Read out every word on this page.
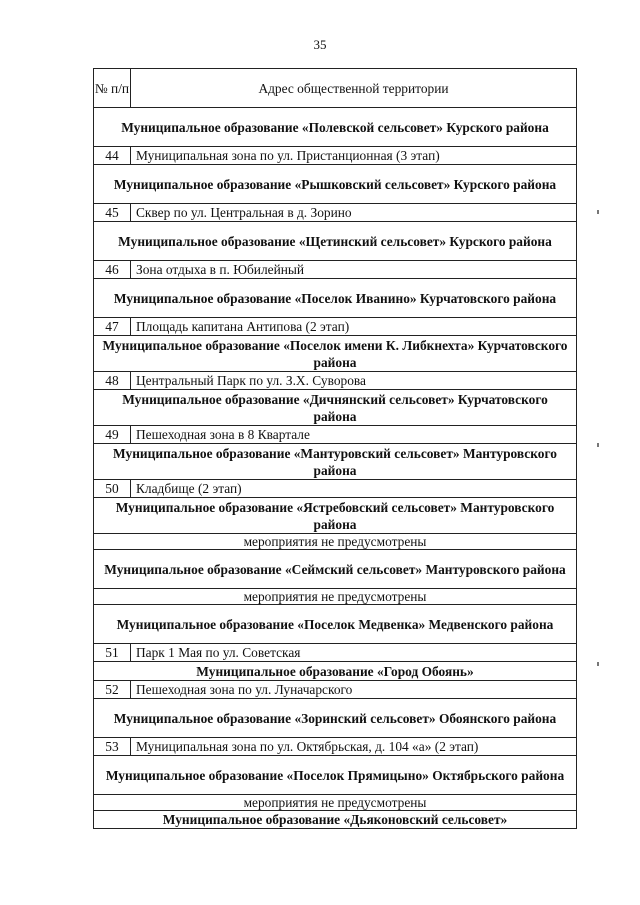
35
№ п/п	Адрес общественной территории
Муниципальное образование «Полевской сельсовет» Курского района	
44	Муниципальная зона по ул. Пристанционная (3 этап)
Муниципальное образование «Рышковский сельсовет» Курского района	
45	Сквер по ул. Центральная в д. Зорино
Муниципальное образование «Щетинский сельсовет» Курского района	
46	Зона отдыха в п. Юбилейный
Муниципальное образование «Поселок Иванино» Курчатовского района	
47	Площадь капитана Антипова (2 этап)
Муниципальное образование «Поселок имени К. Либкнехта» Курчатовского района	
48	Центральный Парк по ул. З.Х. Суворова
Муниципальное образование «Дичнянский сельсовет» Курчатовского района	
49	Пешеходная зона в 8 Квартале
Муниципальное образование «Мантуровский сельсовет» Мантуровского района	
50	Кладбище (2 этап)
Муниципальное образование «Ястребовский сельсовет» Мантуровского района	
мероприятия не предусмотрены	
Муниципальное образование «Сеймский сельсовет» Мантуровского района	
мероприятия не предусмотрены	
Муниципальное образование «Поселок Медвенка» Медвенского района	
51	Парк 1 Мая по ул. Советская
Муниципальное образование «Город Обоянь»	
52	Пешеходная зона по ул. Луначарского
Муниципальное образование «Зоринский сельсовет» Обоянского района	
53	Муниципальная зона по ул. Октябрьская, д. 104 «а» (2 этап)
Муниципальное образование «Поселок Прямицыно» Октябрьского района	
мероприятия не предусмотрены	
Муниципальное образование «Дьяконовский сельсовет»	
